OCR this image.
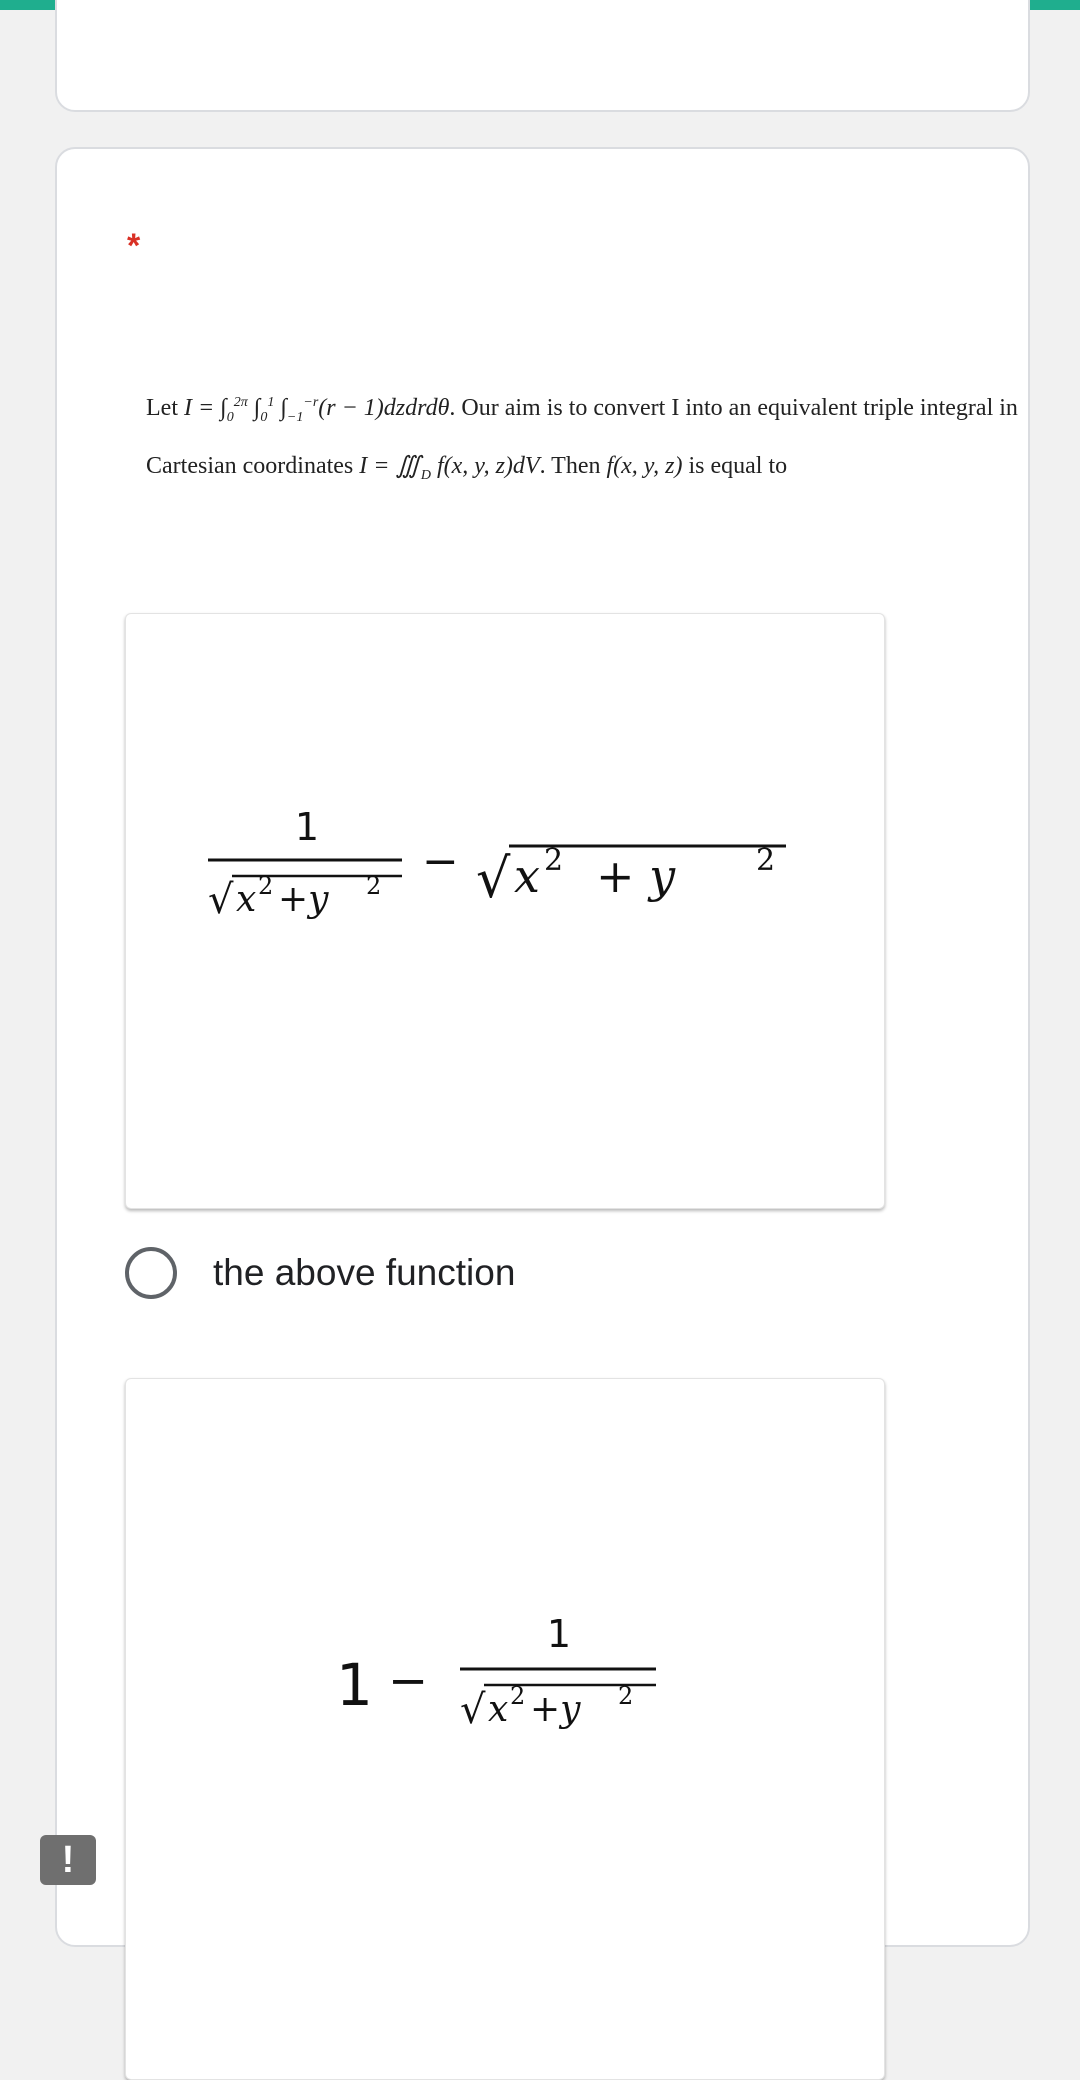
*

Let $I = \int_0^{2\pi}$ $\int_0^1$ $\int_{-1}^{-r}(r$ − 1)dzdrdθ. Our aim is to convert I into an equivalent triple integral in Cartesian coordinates $I = ∭_D$ f(x, y, z)dV. Then f(x, y, z) is equal to

1
√ x 2 +y 2 − √ x 2 + y	2
the above function
1 −
1
√ x 2 +y 2
!
